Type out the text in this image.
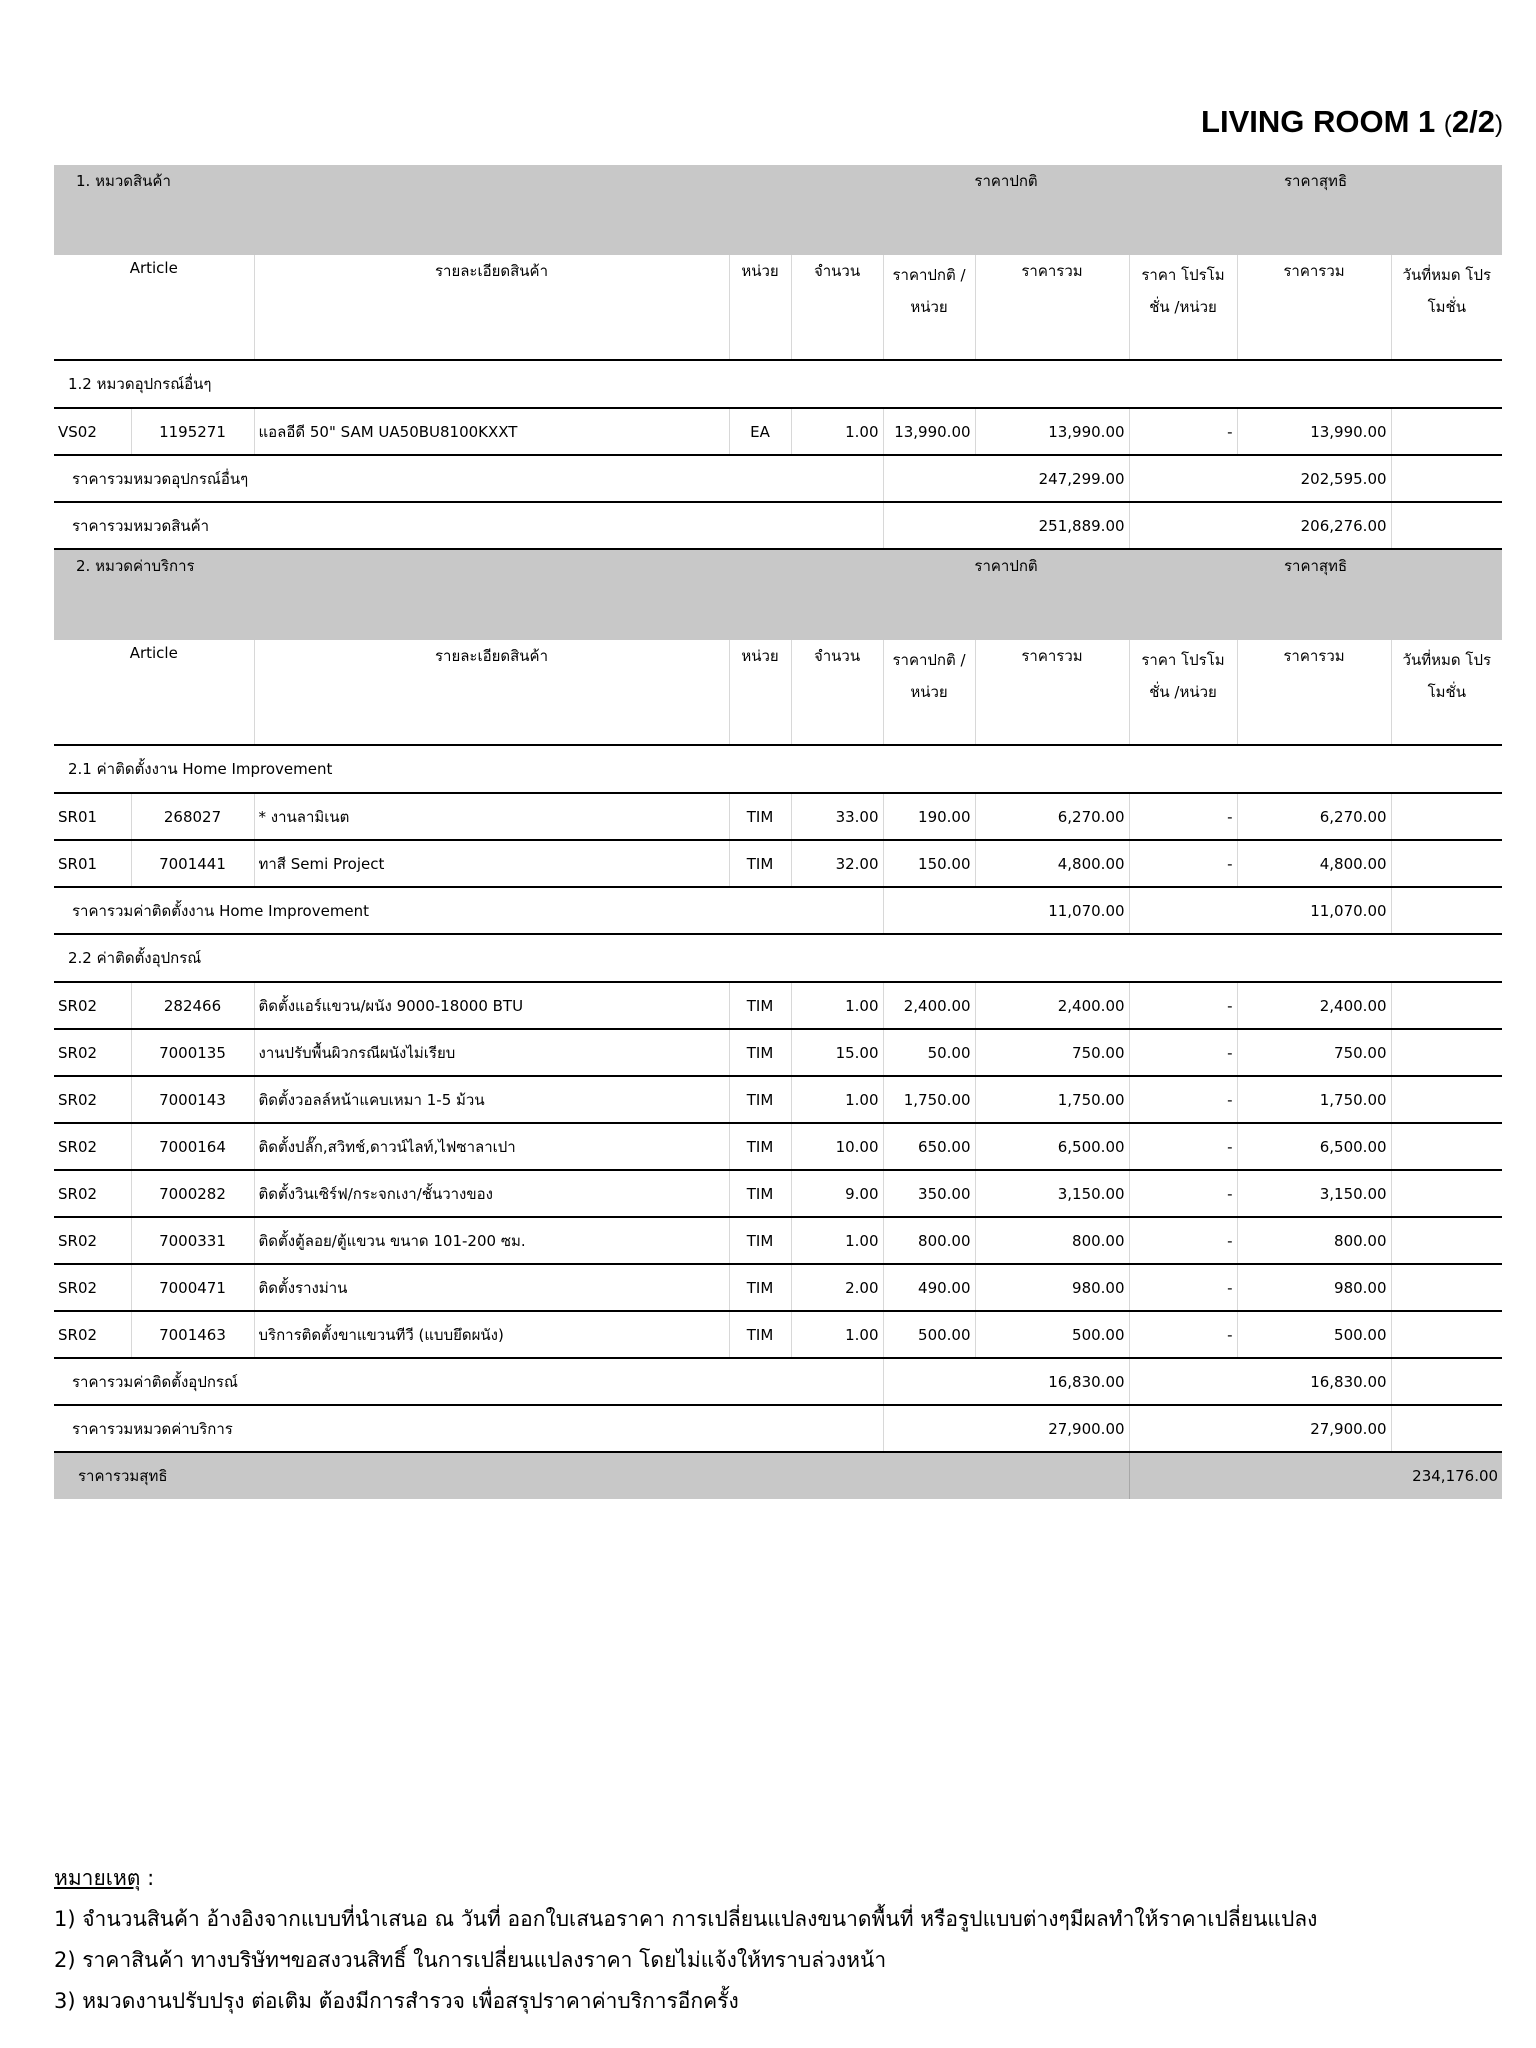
LIVING ROOM 1 (2/2)
1. หมวดสินค้า					ราคาปกติ		ราคาสุทธิ		
Article		รายละเอียดสินค้า	หน่วย	จำนวน	ราคาปกติ /หน่วย	ราคารวม	ราคา โปรโมชั่น /หน่วย	ราคารวม	วันที่หมด โปรโมชั่น
1.2 หมวดอุปกรณ์อื่นๆ									
VS02	1195271	แอลอีดี 50" SAM UA50BU8100KXXT	EA	1.00	13,990.00	13,990.00	-	13,990.00	
ราคารวมหมวดอุปกรณ์อื่นๆ					247,299.00		202,595.00		
ราคารวมหมวดสินค้า					251,889.00		206,276.00		
2. หมวดค่าบริการ					ราคาปกติ		ราคาสุทธิ		
Article		รายละเอียดสินค้า	หน่วย	จำนวน	ราคาปกติ /หน่วย	ราคารวม	ราคา โปรโมชั่น /หน่วย	ราคารวม	วันที่หมด โปรโมชั่น
2.1 ค่าติดตั้งงาน Home Improvement									
SR01	268027	* งานลามิเนต	TIM	33.00	190.00	6,270.00	-	6,270.00	
SR01	7001441	ทาสี Semi Project	TIM	32.00	150.00	4,800.00	-	4,800.00	
ราคารวมค่าติดตั้งงาน Home Improvement					11,070.00		11,070.00		
2.2 ค่าติดตั้งอุปกรณ์									
SR02	282466	ติดตั้งแอร์แขวน/ผนัง 9000-18000 BTU	TIM	1.00	2,400.00	2,400.00	-	2,400.00	
SR02	7000135	งานปรับพื้นผิวกรณีผนังไม่เรียบ	TIM	15.00	50.00	750.00	-	750.00	
SR02	7000143	ติดตั้งวอลล์หน้าแคบเหมา 1-5 ม้วน	TIM	1.00	1,750.00	1,750.00	-	1,750.00	
SR02	7000164	ติดตั้งปลั๊ก,สวิทช์,ดาวน์ไลท์,ไฟซาลาเปา	TIM	10.00	650.00	6,500.00	-	6,500.00	
SR02	7000282	ติดตั้งวินเซิร์ฟ/กระจกเงา/ชั้นวางของ	TIM	9.00	350.00	3,150.00	-	3,150.00	
SR02	7000331	ติดตั้งตู้ลอย/ตู้แขวน ขนาด 101-200 ซม.	TIM	1.00	800.00	800.00	-	800.00	
SR02	7000471	ติดตั้งรางม่าน	TIM	2.00	490.00	980.00	-	980.00	
SR02	7001463	บริการติดตั้งขาแขวนทีวี (แบบยึดผนัง)	TIM	1.00	500.00	500.00	-	500.00	
ราคารวมค่าติดตั้งอุปกรณ์					16,830.00		16,830.00		
ราคารวมหมวดค่าบริการ					27,900.00		27,900.00		
ราคารวมสุทธิ							234,176.00		
หมายเหตุ :
1) จำนวนสินค้า อ้างอิงจากแบบที่นำเสนอ ณ วันที่ ออกใบเสนอราคา การเปลี่ยนแปลงขนาดพื้นที่ หรือรูปแบบต่างๆมีผลทำให้ราคาเปลี่ยนแปลง
2) ราคาสินค้า ทางบริษัทฯขอสงวนสิทธิ์ ในการเปลี่ยนแปลงราคา โดยไม่แจ้งให้ทราบล่วงหน้า
3) หมวดงานปรับปรุง ต่อเติม ต้องมีการสำรวจ เพื่อสรุปราคาค่าบริการอีกครั้ง
